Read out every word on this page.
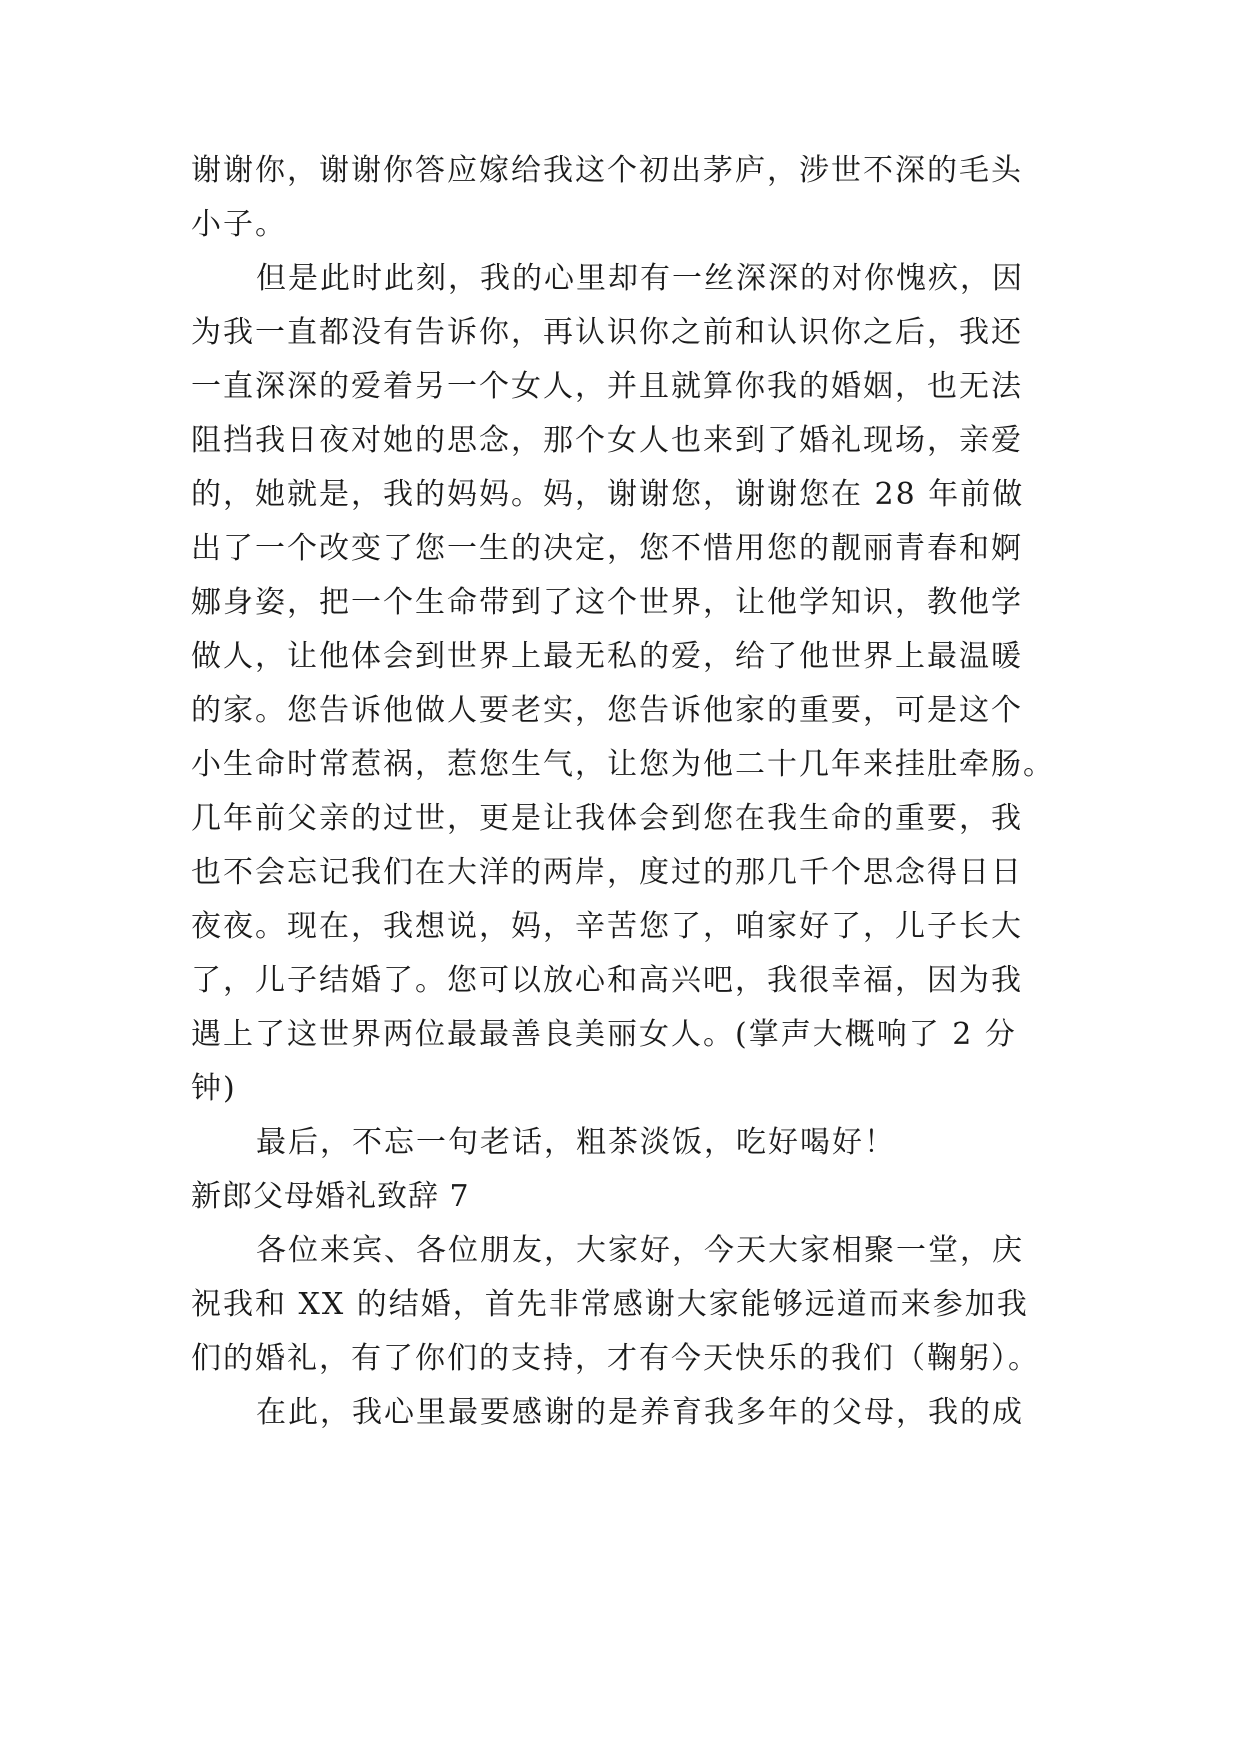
谢谢你，谢谢你答应嫁给我这个初出茅庐，涉世不深的毛头
小子。
但是此时此刻，我的心里却有一丝深深的对你愧疚，因
为我一直都没有告诉你，再认识你之前和认识你之后，我还
一直深深的爱着另一个女人，并且就算你我的婚姻，也无法
阻挡我日夜对她的思念，那个女人也来到了婚礼现场，亲爱
的，她就是，我的妈妈。妈，谢谢您，谢谢您在 28 年前做
出了一个改变了您一生的决定，您不惜用您的靓丽青春和婀
娜身姿，把一个生命带到了这个世界，让他学知识，教他学
做人，让他体会到世界上最无私的爱，给了他世界上最温暖
的家。您告诉他做人要老实，您告诉他家的重要，可是这个
小生命时常惹祸，惹您生气，让您为他二十几年来挂肚牵肠。
几年前父亲的过世，更是让我体会到您在我生命的重要，我
也不会忘记我们在大洋的两岸，度过的那几千个思念得日日
夜夜。现在，我想说，妈，辛苦您了，咱家好了，儿子长大
了，儿子结婚了。您可以放心和高兴吧，我很幸福，因为我
遇上了这世界两位最最善良美丽女人。(掌声大概响了 2 分
钟)
最后，不忘一句老话，粗茶淡饭，吃好喝好！
新郎父母婚礼致辞 7
各位来宾、各位朋友，大家好，今天大家相聚一堂，庆
祝我和 XX 的结婚，首先非常感谢大家能够远道而来参加我
们的婚礼，有了你们的支持，才有今天快乐的我们（鞠躬）。
在此，我心里最要感谢的是养育我多年的父母，我的成
